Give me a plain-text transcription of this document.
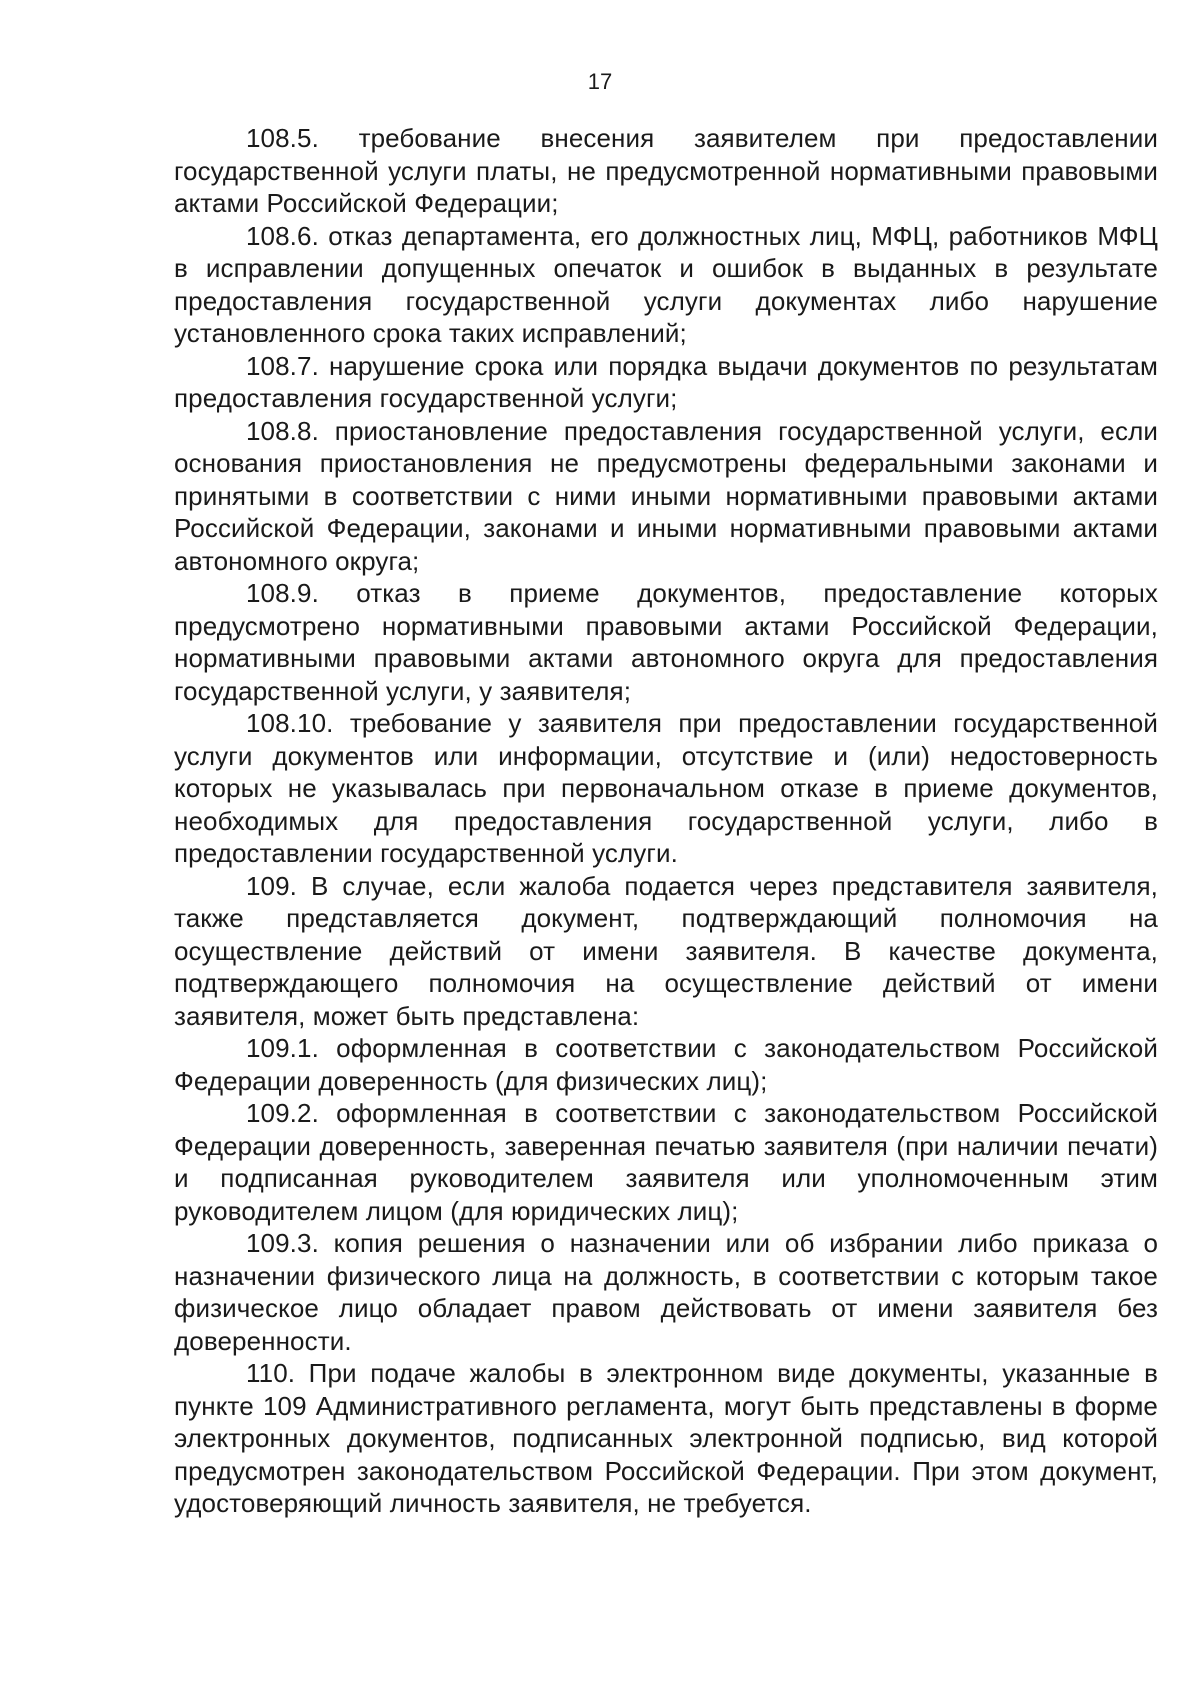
17

108.5. требование внесения заявителем при предоставлении государственной услуги платы, не предусмотренной нормативными правовыми актами Российской Федерации;

108.6. отказ департамента, его должностных лиц, МФЦ, работников МФЦ в исправлении допущенных опечаток и ошибок в выданных в результате предоставления государственной услуги документах либо нарушение установленного срока таких исправлений;

108.7. нарушение срока или порядка выдачи документов по результатам предоставления государственной услуги;

108.8. приостановление предоставления государственной услуги, если основания приостановления не предусмотрены федеральными законами и принятыми в соответствии с ними иными нормативными правовыми актами Российской Федерации, законами и иными нормативными правовыми актами автономного округа;

108.9. отказ в приеме документов, предоставление которых предусмотрено нормативными правовыми актами Российской Федерации, нормативными правовыми актами автономного округа для предоставления государственной услуги, у заявителя;

108.10. требование у заявителя при предоставлении государственной услуги документов или информации, отсутствие и (или) недостоверность которых не указывалась при первоначальном отказе в приеме документов, необходимых для предоставления государственной услуги, либо в предоставлении государственной услуги.

109. В случае, если жалоба подается через представителя заявителя, также представляется документ, подтверждающий полномочия на осуществление действий от имени заявителя. В качестве документа, подтверждающего полномочия на осуществление действий от имени заявителя, может быть представлена:

109.1. оформленная в соответствии с законодательством Российской Федерации доверенность (для физических лиц);

109.2. оформленная в соответствии с законодательством Российской Федерации доверенность, заверенная печатью заявителя (при наличии печати) и подписанная руководителем заявителя или уполномоченным этим руководителем лицом (для юридических лиц);

109.3. копия решения о назначении или об избрании либо приказа о назначении физического лица на должность, в соответствии с которым такое физическое лицо обладает правом действовать от имени заявителя без доверенности.

110. При подаче жалобы в электронном виде документы, указанные в пункте 109 Административного регламента, могут быть представлены в форме электронных документов, подписанных электронной подписью, вид которой предусмотрен законодательством Российской Федерации. При этом документ, удостоверяющий личность заявителя, не требуется.
